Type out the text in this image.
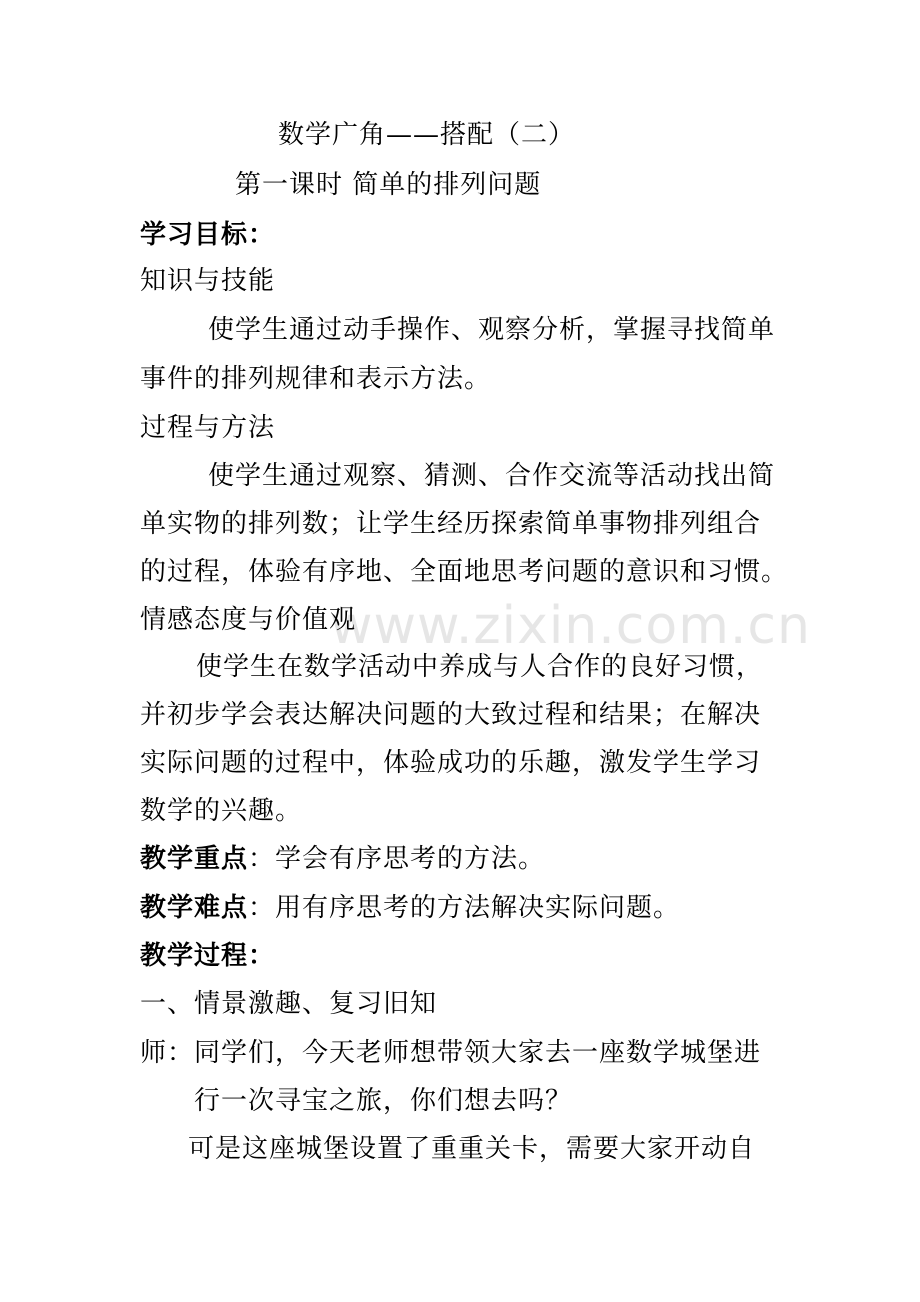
www.zixin.com.cn
数学广角——搭配（二）
第一课时 简单的排列问题
学习目标：
知识与技能
使学生通过动手操作、观察分析，掌握寻找简单
事件的排列规律和表示方法。
过程与方法
使学生通过观察、猜测、合作交流等活动找出简
单实物的排列数；让学生经历探索简单事物排列组合
的过程，体验有序地、全面地思考问题的意识和习惯。
情感态度与价值观
使学生在数学活动中养成与人合作的良好习惯，
并初步学会表达解决问题的大致过程和结果；在解决
实际问题的过程中，体验成功的乐趣，激发学生学习
数学的兴趣。
教学重点：学会有序思考的方法。
教学难点：用有序思考的方法解决实际问题。
教学过程：
一、情景激趣、复习旧知
师：同学们，今天老师想带领大家去一座数学城堡进
行一次寻宝之旅，你们想去吗？
可是这座城堡设置了重重关卡，需要大家开动自
